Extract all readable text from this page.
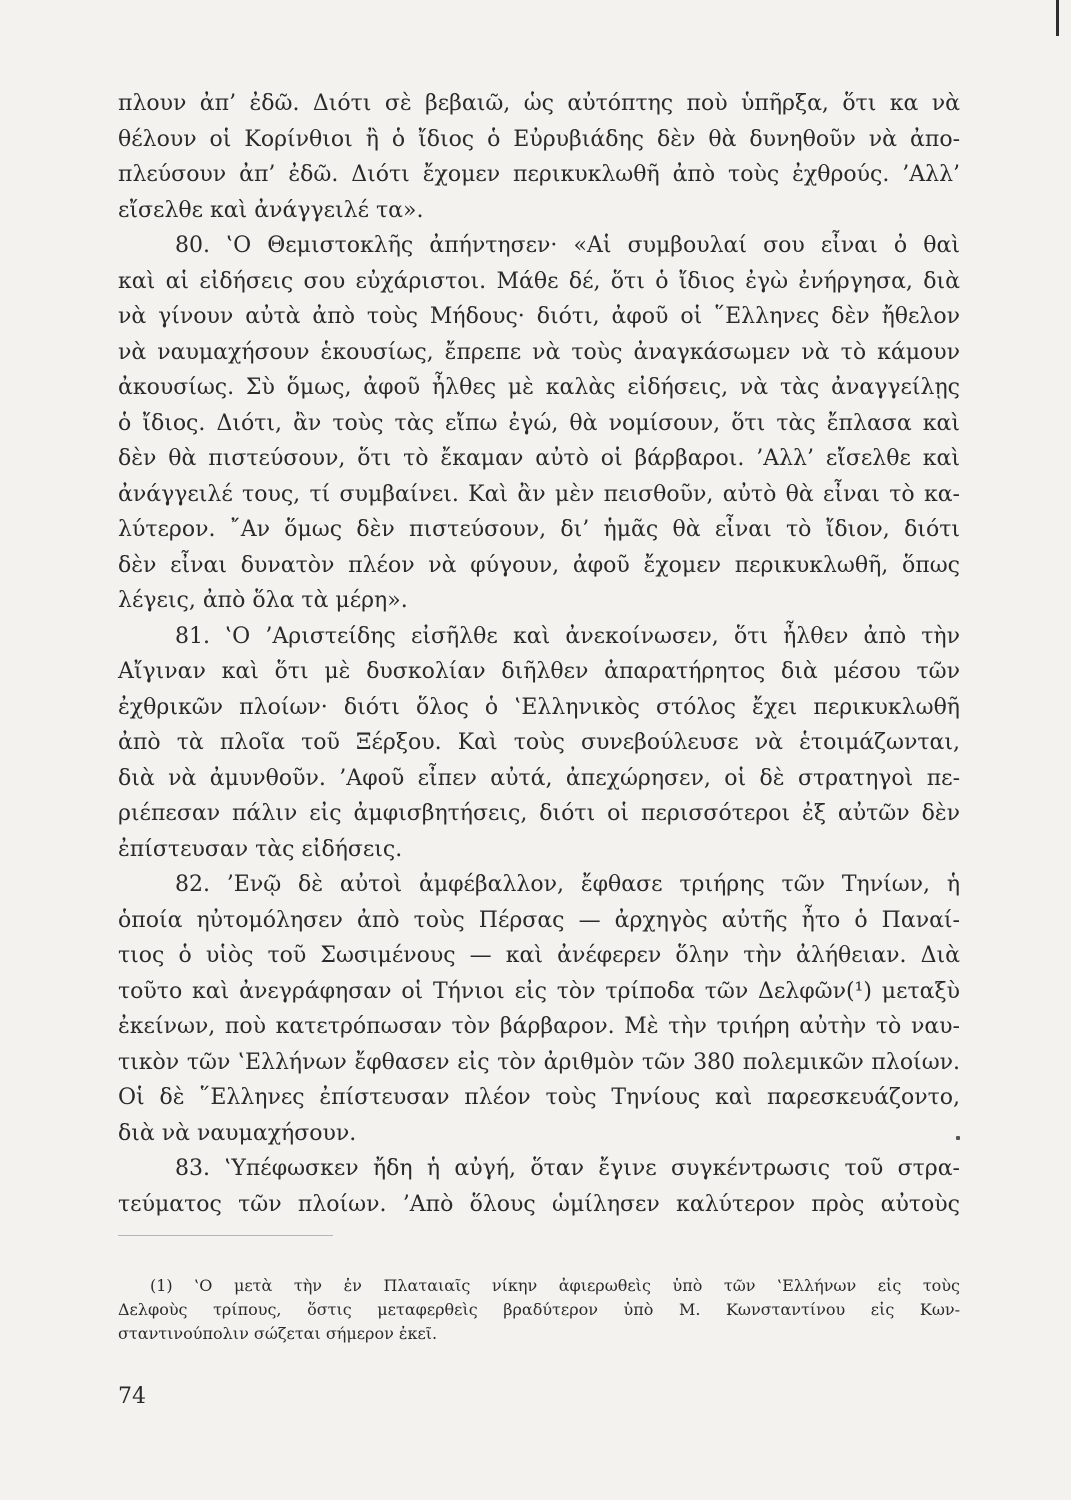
πλουν ἀπ’ ἐδῶ. Διότι σὲ βεβαιῶ, ὡς αὐτόπτης ποὺ ὑπῆρξα, ὅτι κα νὰ
θέλουν οἱ Κορίνθιοι ἢ ὁ ἴδιος ὁ Εὐρυβιάδης δὲν θὰ δυνηθοῦν νὰ ἀπο-
πλεύσουν ἀπ’ ἐδῶ. Διότι ἔχομεν περικυκλωθῆ ἀπὸ τοὺς ἐχθρούς. ’Αλλ’
εἴσελθε καὶ ἀνάγγειλέ τα».
80. ‛Ο Θεμιστοκλῆς ἀπήντησεν· «Αἱ συμβουλαί σου εἶναι ὀ θαὶ
καὶ αἱ εἰδήσεις σου εὐχάριστοι. Μάθε δέ, ὅτι ὁ ἴδιος ἐγὼ ἐνήργησα, διὰ
νὰ γίνουν αὐτὰ ἀπὸ τοὺς Μήδους· διότι, ἀφοῦ οἱ ῞Ελληνες δὲν ἤθελον
νὰ ναυμαχήσουν ἑκουσίως, ἔπρεπε νὰ τοὺς ἀναγκάσωμεν νὰ τὸ κάμουν
ἀκουσίως. Σὺ ὅμως, ἀφοῦ ἦλθες μὲ καλὰς εἰδήσεις, νὰ τὰς ἀναγγείλῃς
ὁ ἴδιος. Διότι, ἂν τοὺς τὰς εἴπω ἐγώ, θὰ νομίσουν, ὅτι τὰς ἔπλασα καὶ
δὲν θὰ πιστεύσουν, ὅτι τὸ ἔκαμαν αὐτὸ οἱ βάρβαροι. ’Αλλ’ εἴσελθε καὶ
ἀνάγγειλέ τους, τί συμβαίνει. Καὶ ἂν μὲν πεισθοῦν, αὐτὸ θὰ εἶναι τὸ κα-
λύτερον. ῎Αν ὅμως δὲν πιστεύσουν, δι’ ἡμᾶς θὰ εἶναι τὸ ἴδιον, διότι
δὲν εἶναι δυνατὸν πλέον νὰ φύγουν, ἀφοῦ ἔχομεν περικυκλωθῆ, ὅπως
λέγεις, ἀπὸ ὅλα τὰ μέρη».
81. ‛Ο ’Αριστείδης εἰσῆλθε καὶ ἀνεκοίνωσεν, ὅτι ἦλθεν ἀπὸ τὴν
Αἴγιναν καὶ ὅτι μὲ δυσκολίαν διῆλθεν ἀπαρατήρητος διὰ μέσου τῶν
ἐχθρικῶν πλοίων· διότι ὅλος ὁ ‛Ελληνικὸς στόλος ἔχει περικυκλωθῆ
ἀπὸ τὰ πλοῖα τοῦ Ξέρξου. Καὶ τοὺς συνεβούλευσε νὰ ἑτοιμάζωνται,
διὰ νὰ ἀμυνθοῦν. ’Αφοῦ εἶπεν αὐτά, ἀπεχώρησεν, οἱ δὲ στρατηγοὶ πε-
ριέπεσαν πάλιν εἰς ἀμφισβητήσεις, διότι οἱ περισσότεροι ἐξ αὐτῶν δὲν
ἐπίστευσαν τὰς εἰδήσεις.
82. ’Ενῷ δὲ αὐτοὶ ἀμφέβαλλον, ἔφθασε τριήρης τῶν Τηνίων, ἡ
ὁποία ηὐτομόλησεν ἀπὸ τοὺς Πέρσας — ἀρχηγὸς αὐτῆς ἦτο ὁ Παναί-
τιος ὁ υἱὸς τοῦ Σωσιμένους — καὶ ἀνέφερεν ὅλην τὴν ἀλήθειαν. Διὰ
τοῦτο καὶ ἀνεγράφησαν οἱ Τήνιοι εἰς τὸν τρίποδα τῶν Δελφῶν(¹) μεταξὺ
ἐκείνων, ποὺ κατετρόπωσαν τὸν βάρβαρον. Μὲ τὴν τριήρη αὐτὴν τὸ ναυ-
τικὸν τῶν ‛Ελλήνων ἔφθασεν εἰς τὸν ἀριθμὸν τῶν 380 πολεμικῶν πλοίων.
Οἱ δὲ ῞Ελληνες ἐπίστευσαν πλέον τοὺς Τηνίους καὶ παρεσκευάζοντο,
διὰ νὰ ναυμαχήσουν.
83. ‛Υπέφωσκεν ἤδη ἡ αὐγή, ὅταν ἔγινε συγκέντρωσις τοῦ στρα-
τεύματος τῶν πλοίων. ’Απὸ ὅλους ὡμίλησεν καλύτερον πρὸς αὐτοὺς
(1) ‛Ο μετὰ τὴν ἐν Πλαταιαῖς νίκην ἀφιερωθεὶς ὑπὸ τῶν ‛Ελλήνων εἰς τοὺς
Δελφοὺς τρίπους, ὅστις μεταφερθεὶς βραδύτερον ὑπὸ Μ. Κωνσταντίνου εἰς Κων-
σταντινούπολιν σώζεται σήμερον ἐκεῖ.
74
